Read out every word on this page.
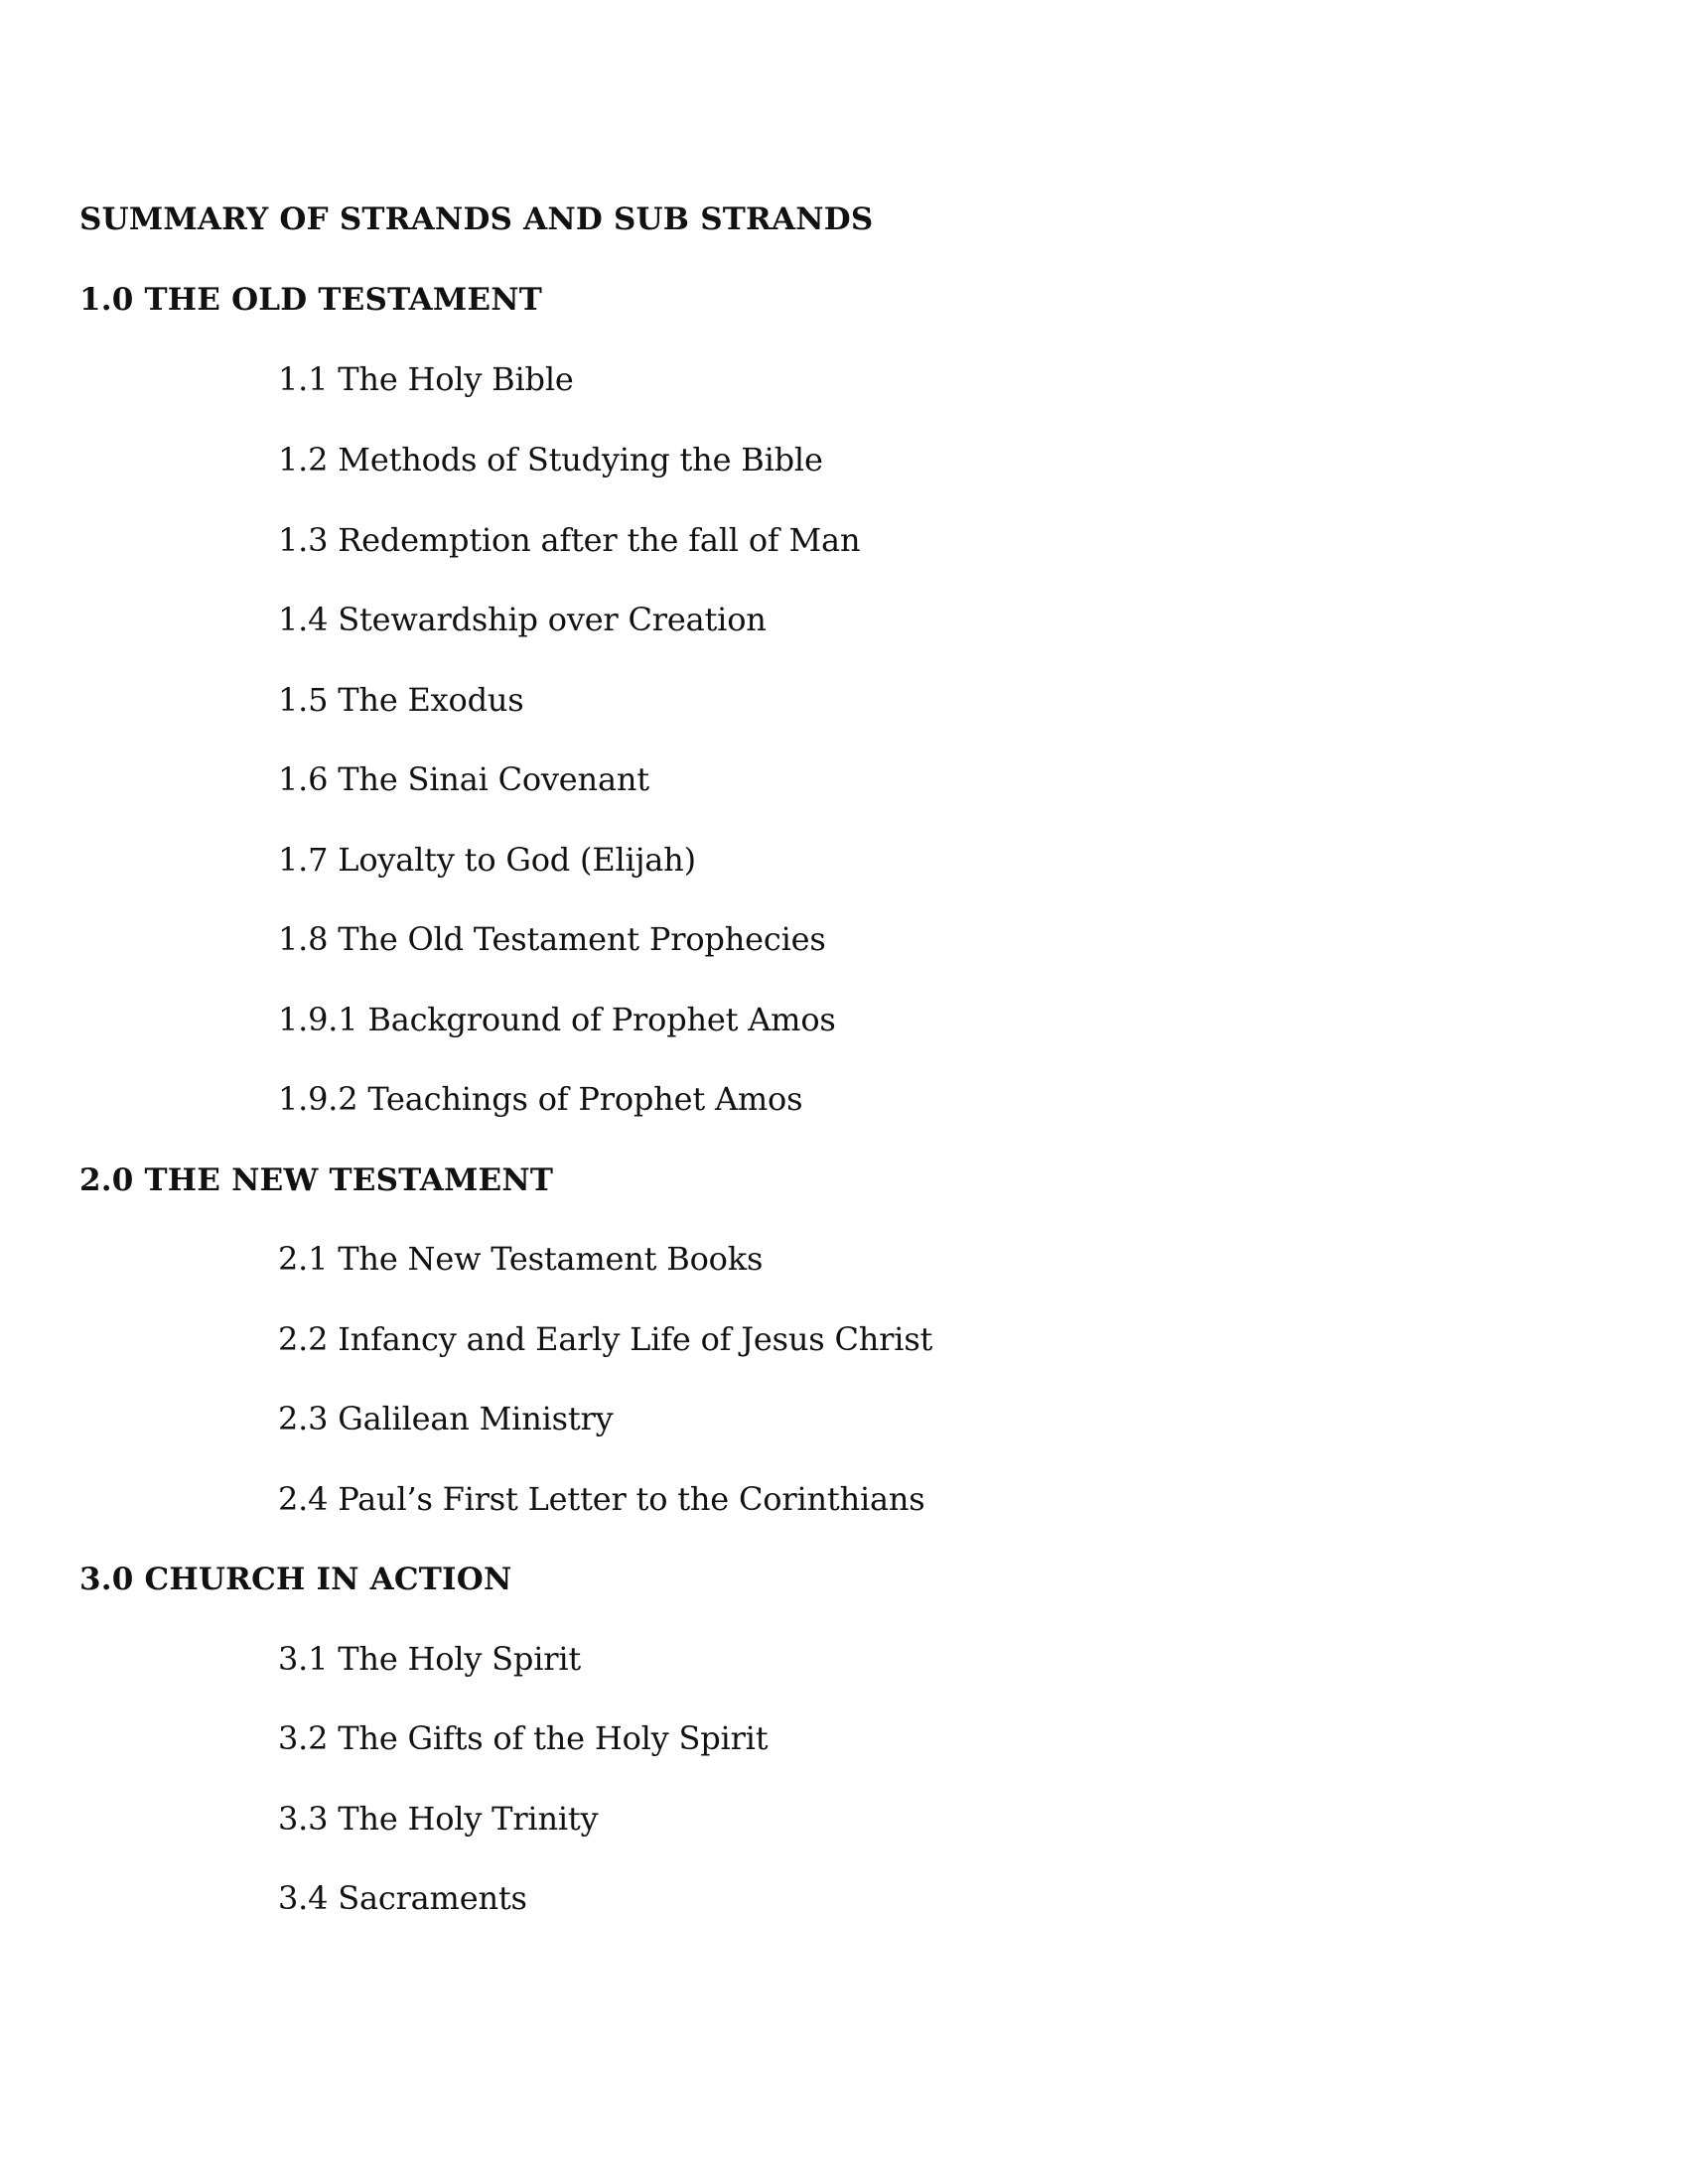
SUMMARY OF STRANDS AND SUB STRANDS
1.0 THE OLD TESTAMENT
1.1 The Holy Bible
1.2 Methods of Studying the Bible
1.3 Redemption after the fall of Man
1.4 Stewardship over Creation
1.5 The Exodus
1.6 The Sinai Covenant
1.7 Loyalty to God (Elijah)
1.8 The Old Testament Prophecies
1.9.1 Background of Prophet Amos
1.9.2 Teachings of Prophet Amos
2.0 THE NEW TESTAMENT
2.1 The New Testament Books
2.2 Infancy and Early Life of Jesus Christ
2.3 Galilean Ministry
2.4 Paul’s First Letter to the Corinthians
3.0 CHURCH IN ACTION
3.1 The Holy Spirit
3.2 The Gifts of the Holy Spirit
3.3 The Holy Trinity
3.4 Sacraments
